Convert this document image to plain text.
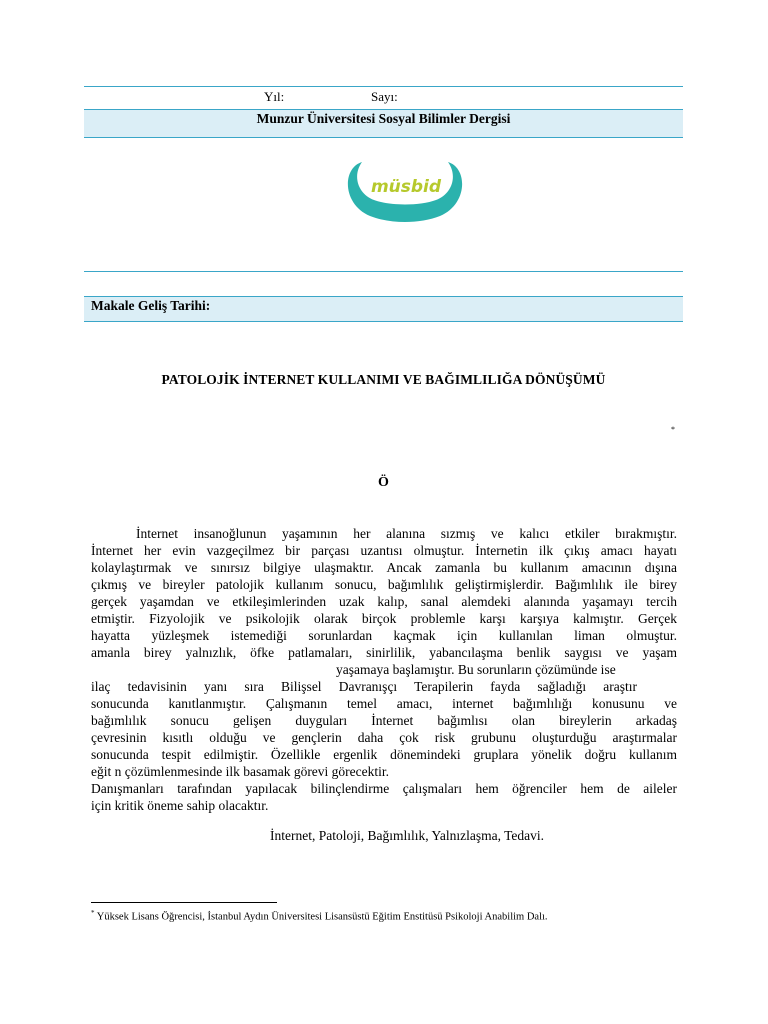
Yıl:	Sayı:
Munzur Üniversitesi Sosyal Bilimler Dergisi
müsbid
Makale Geliş Tarihi:
PATOLOJİK İNTERNET KULLANIMI VE BAĞIMLILIĞA DÖNÜŞÜMÜ
*
Ö
İnternet insanoğlunun yaşamının her alanına sızmış ve kalıcı etkiler bırakmıştır.
İnternet her evin vazgeçilmez bir parçası uzantısı olmuştur. İnternetin ilk çıkış amacı hayatı
kolaylaştırmak ve sınırsız bilgiye ulaşmaktır. Ancak zamanla bu kullanım amacının dışına
çıkmış ve bireyler patolojik kullanım sonucu, bağımlılık geliştirmişlerdir. Bağımlılık ile birey
gerçek yaşamdan ve etkileşimlerinden uzak kalıp, sanal alemdeki alanında yaşamayı tercih
etmiştir. Fizyolojik ve psikolojik olarak birçok problemle karşı karşıya kalmıştır. Gerçek
hayatta yüzleşmek istemediği sorunlardan kaçmak için kullanılan liman olmuştur.
amanla birey yalnızlık, öfke patlamaları, sinirlilik, yabancılaşma benlik saygısı ve yaşam
yaşamaya başlamıştır. Bu sorunların çözümünde ise
ilaç tedavisinin yanı sıra Bilişsel Davranışçı Terapilerin fayda sağladığı araştır
sonucunda kanıtlanmıştır. Çalışmanın temel amacı, internet bağımlılığı konusunu ve
bağımlılık sonucu gelişen duyguları İnternet bağımlısı olan bireylerin arkadaş
çevresinin kısıtlı olduğu ve gençlerin daha çok risk grubunu oluşturduğu araştırmalar
sonucunda tespit edilmiştir. Özellikle ergenlik dönemindeki gruplara yönelik doğru kullanım
eğit n çözümlenmesinde ilk basamak görevi görecektir.
Danışmanları tarafından yapılacak bilinçlendirme çalışmaları hem öğrenciler hem de aileler
için kritik öneme sahip olacaktır.
İnternet, Patoloji, Bağımlılık, Yalnızlaşma, Tedavi.
* Yüksek Lisans Öğrencisi, İstanbul Aydın Üniversitesi Lisansüstü Eğitim Enstitüsü Psikoloji Anabilim Dalı.
